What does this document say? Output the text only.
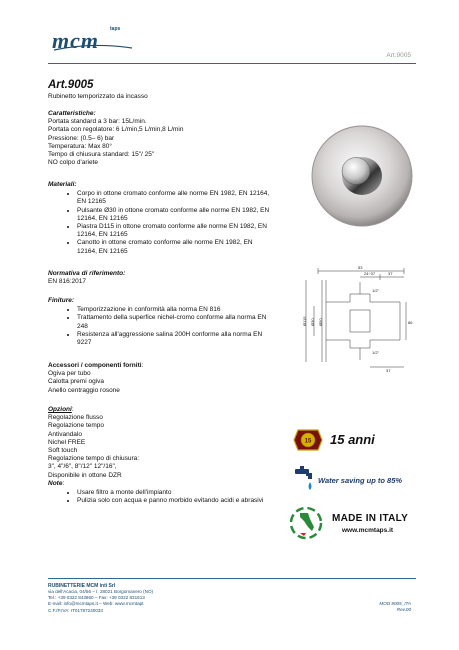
mcm taps
Art.9005
Art.9005
Rubinetto temporizzato da incasso
Caratteristiche:
Portata standard a 3 bar: 15L/min.
Portata con regolatore: 6 L/min,5 L/min,8 L/min
Pressione: (0.5– 6) bar
Temperatura: Max 80°
Tempo di chiusura standard: 15"/ 25"
NO colpo d'ariete
Materiali:
• Corpo in ottone cromato conforme alle norme EN 1982, EN 12164, EN 12165
• Pulsante Ø30 in ottone cromato conforme alle norme EN 1982, EN 12164, EN 12165
• Piastra D115 in ottone cromato conforme alle norme EN 1982, EN 12164, EN 12165
• Canotto in ottone cromato conforme alle norme EN 1982, EN 12164, EN 12165
Normativa di riferimento:
EN 816:2017
Finiture:
• Temporizzazione in conformità alla norma EN 816
• Trattamento della superfice nichel-cromo conforme alla norma EN 248
• Resistenza all'aggressione salina 200H conforme alla norma EN 9227
Accessori / componenti forniti:
Ogiva per tubo
Calotta premi ogiva
Anello centraggio rosone
Opzioni:
Regolazione flusso
Regolazione tempo
Antivandalo
Nichel FREE
Soft touch
Regolazione tempo di chiusura:
3", 4"/6", 8"/12" 12"/16",
Disponibile in ottone DZR
Note:
• Usare filtro a monte dell'impianto
• Pulizia solo con acqua e panno morbido evitando acidi e abrasivi
53
24÷37	37
1/2"
1/2"
Ø115 Ø30 Ø50	86
37
15 15 anni
Water saving up to 85%
MADE IN ITALY
www.mcmtaps.it
RUBINETTERIE MCM inti Srl
via dell'Acacia, 04/56 – I. 28021 Borgomanero (NO)
Tel.: +39 0322 843660 – Fax: +39 0322 831613
E-mail: info@mcmtaps.it – Web: www.mcmtapt
C.F./P.IVA: IT01787240033
MOD 9005_ITA
Rev.00
